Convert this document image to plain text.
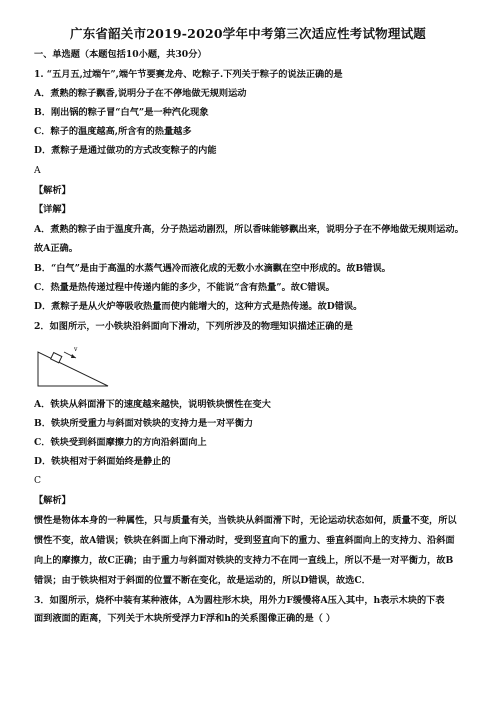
广东省韶关市2019-2020学年中考第三次适应性考试物理试题
一、单选题（本题包括10小题，共30分）
1. “五月五,过端午”,端午节要赛龙舟、吃粽子.下列关于粽子的说法正确的是
A．煮熟的粽子飘香,说明分子在不停地做无规则运动
B．刚出锅的粽子冒“白气”是一种汽化现象
C．粽子的温度越高,所含有的热量越多
D．煮粽子是通过做功的方式改变粽子的内能
A
【解析】
【详解】
A．煮熟的粽子由于温度升高，分子热运动剧烈，所以香味能够飘出来，说明分子在不停地做无规则运动。
故A正确。
B．“白气”是由于高温的水蒸气遇冷而液化成的无数小水滴飘在空中形成的。故B错误。
C．热量是热传递过程中传递内能的多少，不能说“含有热量”。故C错误。
D．煮粽子是从火炉等吸收热量而使内能增大的，这种方式是热传递。故D错误。
2．如图所示，一小铁块沿斜面向下滑动，下列所涉及的物理知识描述正确的是
v
A．铁块从斜面滑下的速度越来越快，说明铁块惯性在变大
B．铁块所受重力与斜面对铁块的支持力是一对平衡力
C．铁块受到斜面摩擦力的方向沿斜面向上
D．铁块相对于斜面始终是静止的
C
【解析】
惯性是物体本身的一种属性，只与质量有关，当铁块从斜面滑下时，无论运动状态如何，质量不变，所以
惯性不变，故A错误；铁块在斜面上向下滑动时，受到竖直向下的重力、垂直斜面向上的支持力、沿斜面
向上的摩擦力，故C正确；由于重力与斜面对铁块的支持力不在同一直线上，所以不是一对平衡力，故B
错误；由于铁块相对于斜面的位置不断在变化，故是运动的，所以D错误，故选C．
3．如图所示，烧杯中装有某种液体，A为圆柱形木块，用外力F缓慢将A压入其中，h表示木块的下表
面到液面的距离，下列关于木块所受浮力F浮和h的关系图像正确的是（ ）
